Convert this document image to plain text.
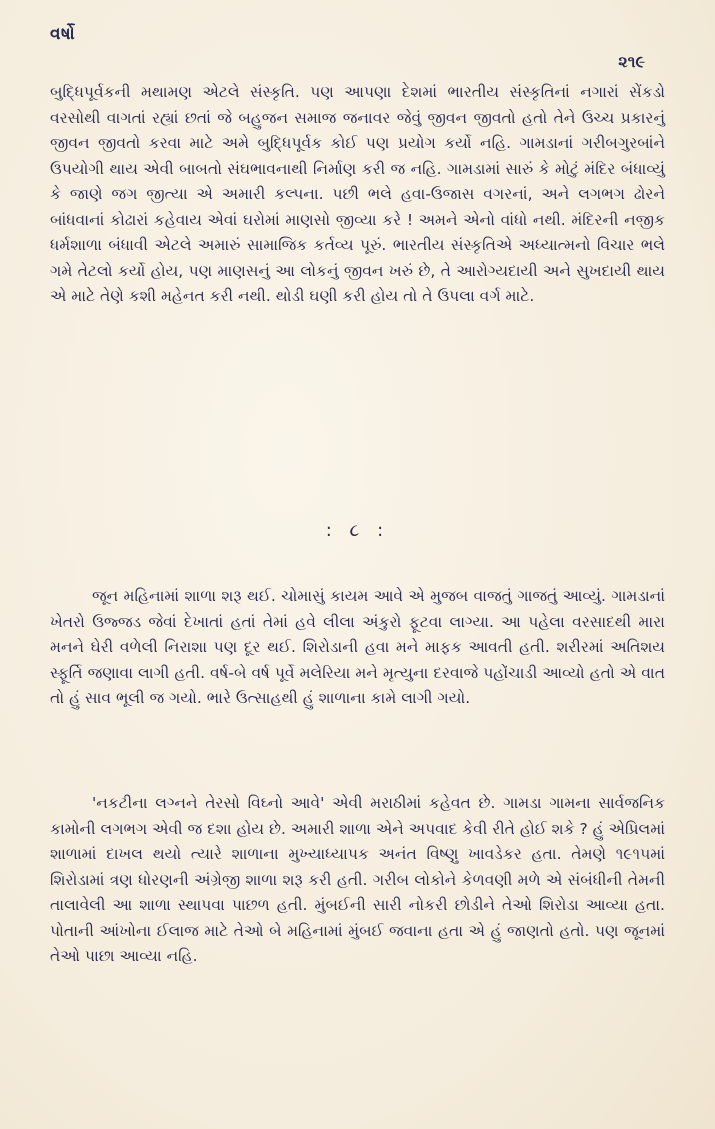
વર્ષો
૨૧૯

બુદ્ધિપૂર્વકની મથામણ એટલે સંસ્કૃતિ. પણ આપણા દેશમાં ભારતીય સંસ્કૃતિનાં નગારાં સેંકડો વરસોથી વાગતાં રહ્યાં છતાં જે બહુજન સમાજ જનાવર જેવું જીવન જીવતો હતો તેને ઉચ્ચ પ્રકારનું જીવન જીવતો કરવા માટે અમે બુદ્ધિપૂર્વક કોઈ પણ પ્રયોગ કર્યો નહિ. ગામડાનાં ગરીબગુરબાંને ઉપયોગી થાય એવી બાબતો સંઘભાવનાથી નિર્માણ કરી જ નહિ. ગામડામાં સારું કે મોટું મંદિર બંધાવ્યું કે જાણે જગ જીત્યા એ અમારી કલ્પના. પછી ભલે હવા-ઉજાસ વગરનાં, અને લગભગ ઢોરને બાંધવાનાં કોઢારાં કહેવાય એવાં ઘરોમાં માણસો જીવ્યા કરે ! અમને એનો વાંધો નથી. મંદિરની નજીક ધર્મશાળા બંધાવી એટલે અમારું સામાજિક કર્તવ્ય પૂરું. ભારતીય સંસ્કૃતિએ અધ્યાત્મનો વિચાર ભલે ગમે તેટલો કર્યો હોય, પણ માણસનું આ લોકનું જીવન ખરું છે, તે આરોગ્યદાયી અને સુખદાયી થાય એ માટે તેણે કશી મહેનત કરી નથી. થોડી ઘણી કરી હોય તો તે ઉપલા વર્ગ માટે.

: ૮ :

જૂન મહિનામાં શાળા શરૂ થઈ. ચોમાસું કાયમ આવે એ મુજબ વાજતું ગાજતું આવ્યું. ગામડાનાં ખેતરો ઉજ્જડ જેવાં દેખાતાં હતાં તેમાં હવે લીલા અંકુરો ફૂટવા લાગ્યા. આ પહેલા વરસાદથી મારા મનને ઘેરી વળેલી નિરાશા પણ દૂર થઈ. શિરોડાની હવા મને માફક આવતી હતી. શરીરમાં અતિશય સ્ફૂર્તિ જણાવા લાગી હતી. વર્ષ-બે વર્ષ પૂર્વે મલેરિયા મને મૃત્યુના દરવાજે પહોંચાડી આવ્યો હતો એ વાત તો હું સાવ ભૂલી જ ગયો. ભારે ઉત્સાહથી હું શાળાના કામે લાગી ગયો.

'નકટીના લગ્નને તેરસો વિઘ્નો આવે' એવી મરાઠીમાં કહેવત છે. ગામડા ગામના સાર્વજનિક કામોની લગભગ એવી જ દશા હોય છે. અમારી શાળા એને અપવાદ કેવી રીતે હોઈ શકે ? હું એપ્રિલમાં શાળામાં દાખલ થયો ત્યારે શાળાના મુખ્યાધ્યાપક અનંત વિષ્ણુ ખાવડેકર હતા. તેમણે ૧૯૧૫માં શિરોડામાં ત્રણ ધોરણની અંગ્રેજી શાળા શરૂ કરી હતી. ગરીબ લોકોને કેળવણી મળે એ સંબંધીની તેમની તાલાવેલી આ શાળા સ્થાપવા પાછળ હતી. મુંબઈની સારી નોકરી છોડીને તેઓ શિરોડા આવ્યા હતા. પોતાની આંખોના ઈલાજ માટે તેઓ બે મહિનામાં મુંબઈ જવાના હતા એ હું જાણતો હતો. પણ જૂનમાં તેઓ પાછા આવ્યા નહિ.
